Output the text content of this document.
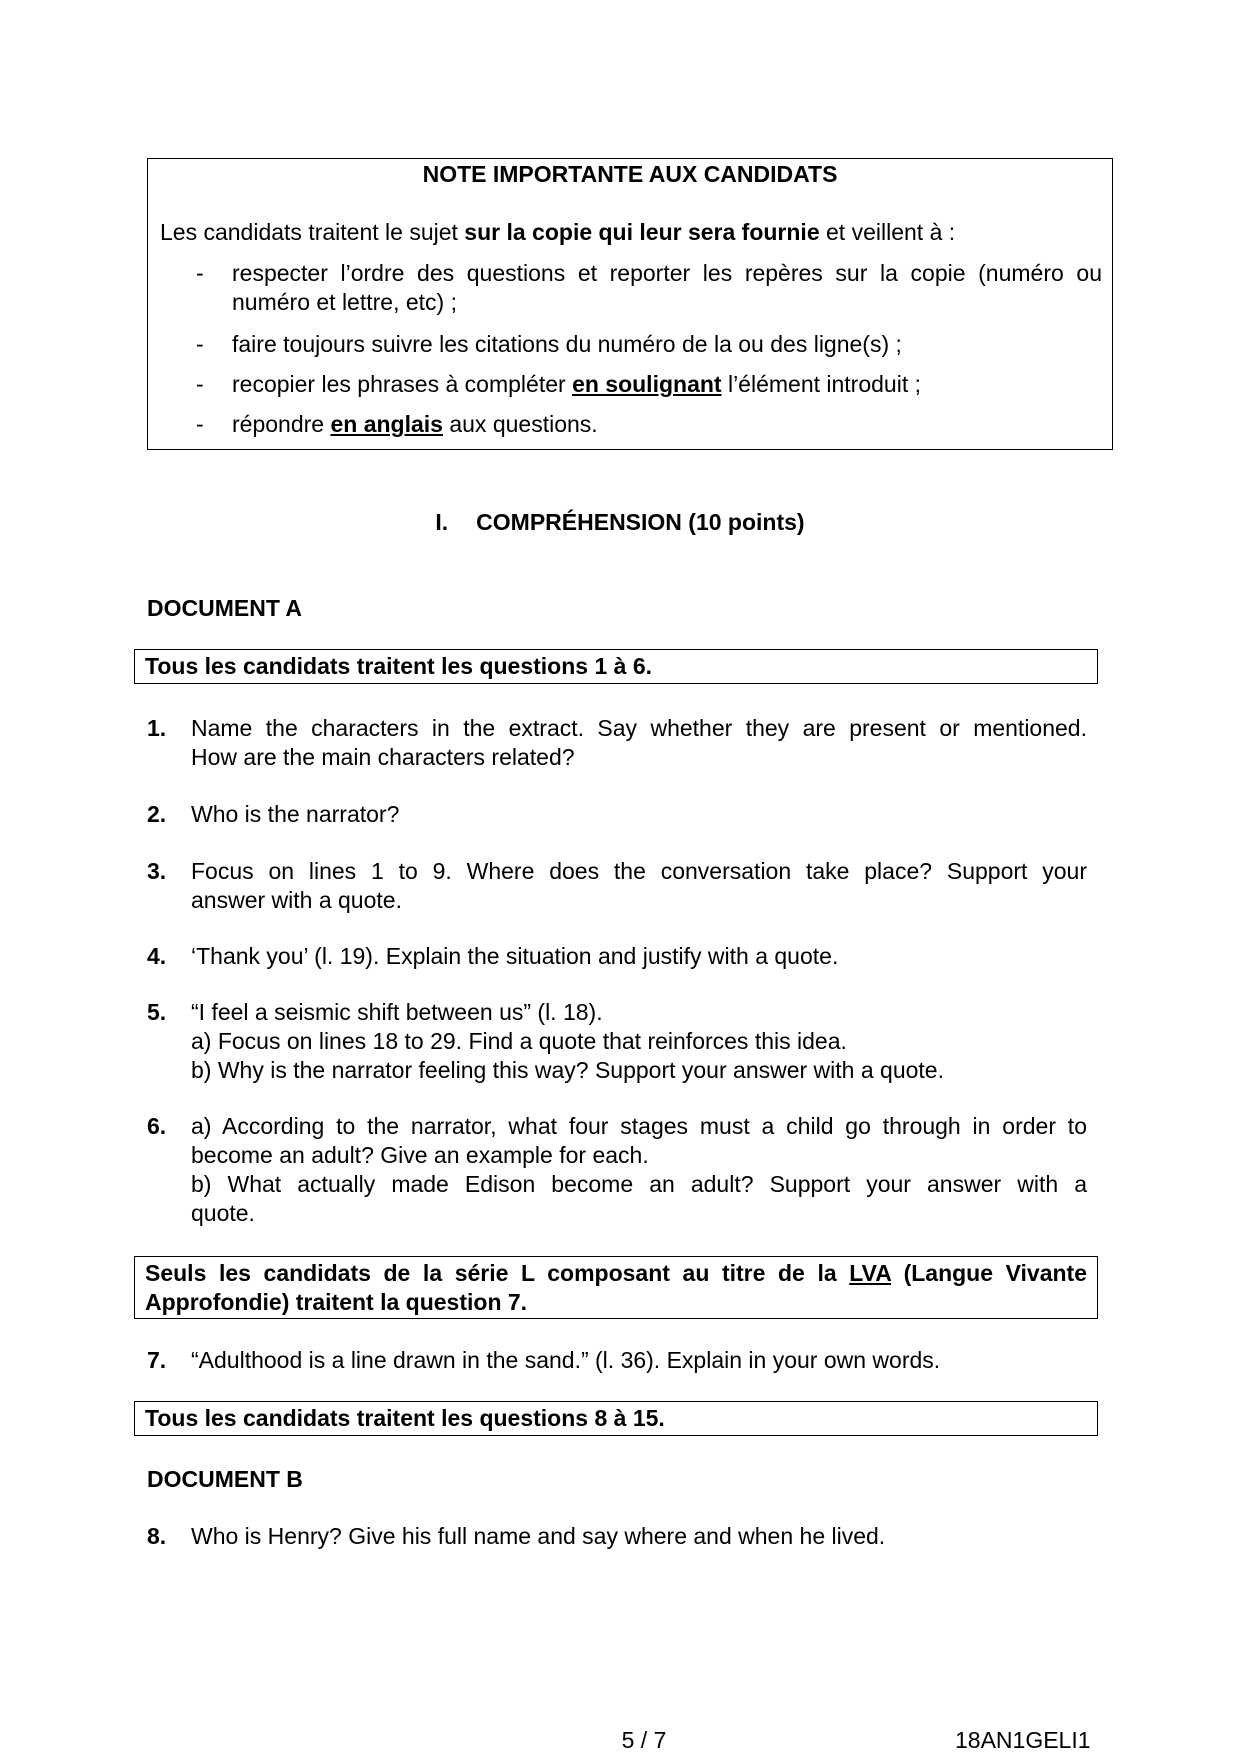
NOTE IMPORTANTE AUX CANDIDATS
Les candidats traitent le sujet sur la copie qui leur sera fournie et veillent à :
- respecter l’ordre des questions et reporter les repères sur la copie (numéro ou
numéro et lettre, etc) ;
- faire toujours suivre les citations du numéro de la ou des ligne(s) ;
- recopier les phrases à compléter en soulignant l’élément introduit ;
- répondre en anglais aux questions.
I. COMPRÉHENSION (10 points)
DOCUMENT A
Tous les candidats traitent les questions 1 à 6.
1. Name the characters in the extract. Say whether they are present or mentioned.
How are the main characters related?
2. Who is the narrator?
3. Focus on lines 1 to 9. Where does the conversation take place? Support your
answer with a quote.
4. ‘Thank you’ (l. 19). Explain the situation and justify with a quote.
5. “I feel a seismic shift between us” (l. 18).
a) Focus on lines 18 to 29. Find a quote that reinforces this idea.
b) Why is the narrator feeling this way? Support your answer with a quote.
6. a) According to the narrator, what four stages must a child go through in order to
become an adult? Give an example for each.
b) What actually made Edison become an adult? Support your answer with a
quote.
Seuls les candidats de la série L composant au titre de la LVA (Langue Vivante
Approfondie) traitent la question 7.
7. “Adulthood is a line drawn in the sand.” (l. 36). Explain in your own words.
Tous les candidats traitent les questions 8 à 15.
DOCUMENT B
8. Who is Henry? Give his full name and say where and when he lived.
5 / 7	18AN1GELI1
